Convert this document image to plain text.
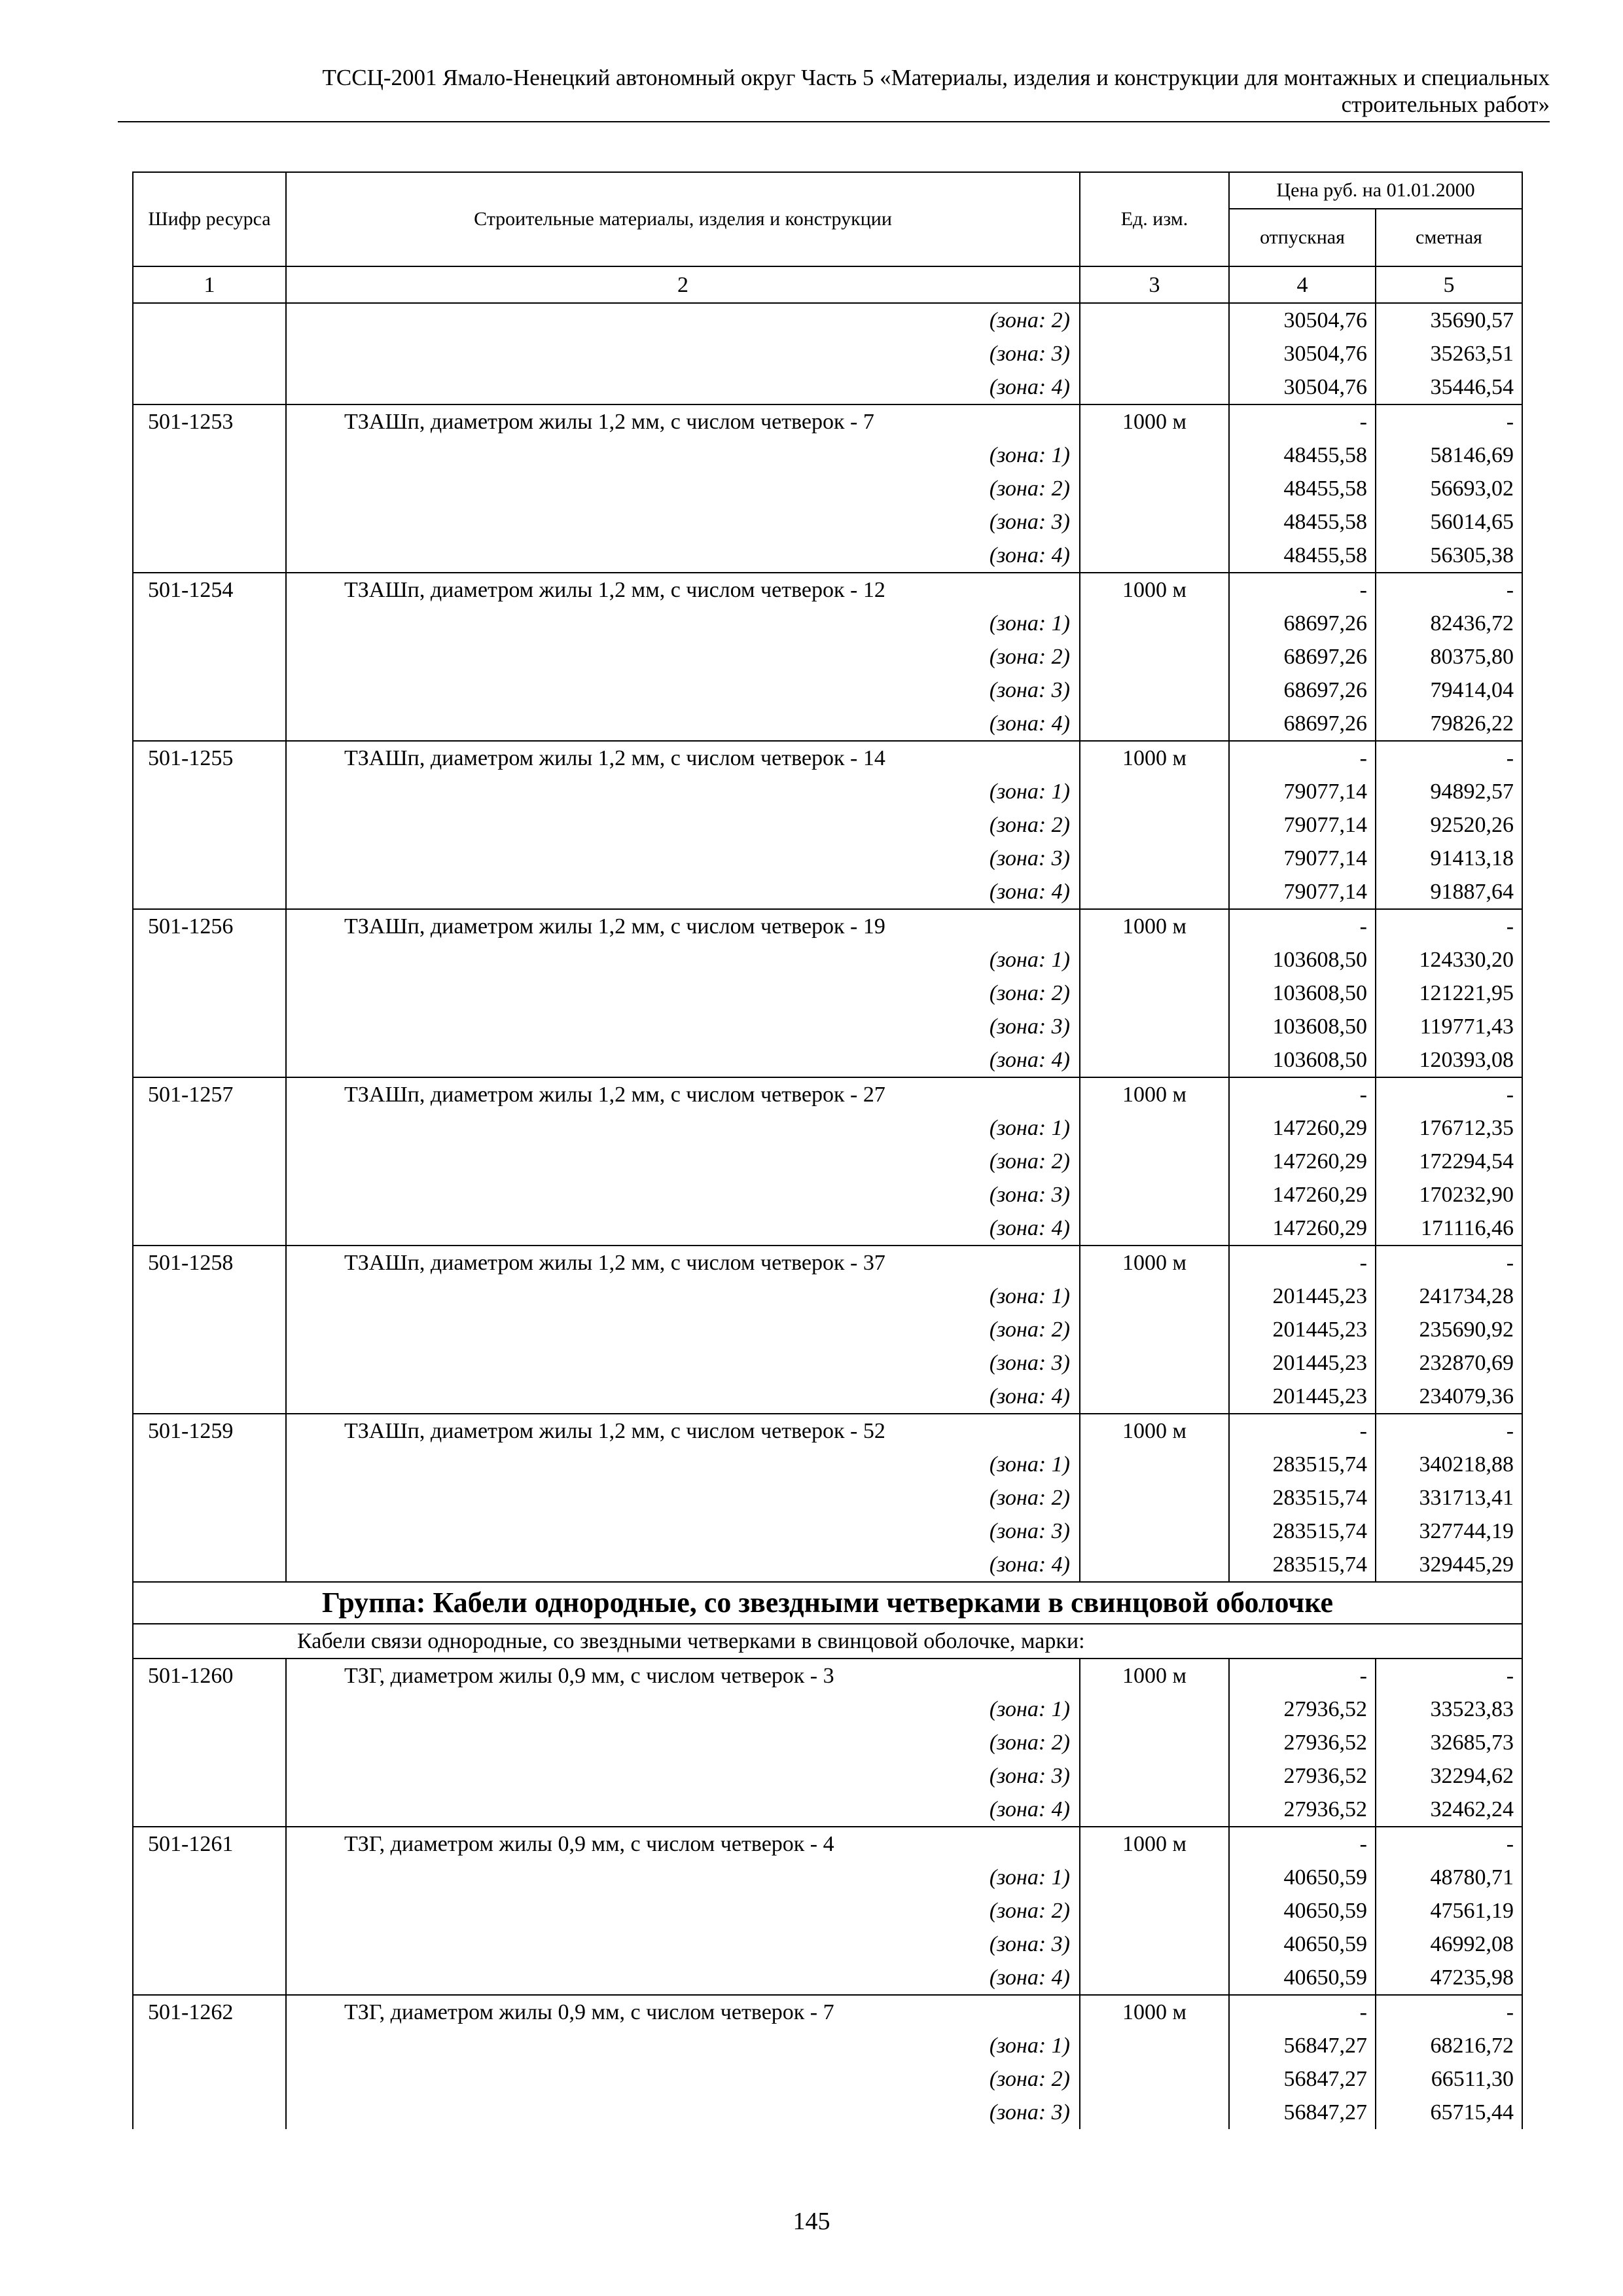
ТССЦ-2001 Ямало-Ненецкий автономный округ Часть 5 «Материалы, изделия и конструкции для монтажных и специальных
строительных работ»
Шифр ресурса	Строительные материалы, изделия и конструкции	Ед. изм.	Цена руб. на 01.01.2000	
			отпускная	сметная
1	2	3	4	5
	(зона: 2)		30504,76	35690,57
	(зона: 3)		30504,76	35263,51
	(зона: 4)		30504,76	35446,54
501-1253	ТЗАШп, диаметром жилы 1,2 мм, с числом четверок - 7	1000 м	-	-
	(зона: 1)		48455,58	58146,69
	(зона: 2)		48455,58	56693,02
	(зона: 3)		48455,58	56014,65
	(зона: 4)		48455,58	56305,38
501-1254	ТЗАШп, диаметром жилы 1,2 мм, с числом четверок - 12	1000 м	-	-
	(зона: 1)		68697,26	82436,72
	(зона: 2)		68697,26	80375,80
	(зона: 3)		68697,26	79414,04
	(зона: 4)		68697,26	79826,22
501-1255	ТЗАШп, диаметром жилы 1,2 мм, с числом четверок - 14	1000 м	-	-
	(зона: 1)		79077,14	94892,57
	(зона: 2)		79077,14	92520,26
	(зона: 3)		79077,14	91413,18
	(зона: 4)		79077,14	91887,64
501-1256	ТЗАШп, диаметром жилы 1,2 мм, с числом четверок - 19	1000 м	-	-
	(зона: 1)		103608,50	124330,20
	(зона: 2)		103608,50	121221,95
	(зона: 3)		103608,50	119771,43
	(зона: 4)		103608,50	120393,08
501-1257	ТЗАШп, диаметром жилы 1,2 мм, с числом четверок - 27	1000 м	-	-
	(зона: 1)		147260,29	176712,35
	(зона: 2)		147260,29	172294,54
	(зона: 3)		147260,29	170232,90
	(зона: 4)		147260,29	171116,46
501-1258	ТЗАШп, диаметром жилы 1,2 мм, с числом четверок - 37	1000 м	-	-
	(зона: 1)		201445,23	241734,28
	(зона: 2)		201445,23	235690,92
	(зона: 3)		201445,23	232870,69
	(зона: 4)		201445,23	234079,36
501-1259	ТЗАШп, диаметром жилы 1,2 мм, с числом четверок - 52	1000 м	-	-
	(зона: 1)		283515,74	340218,88
	(зона: 2)		283515,74	331713,41
	(зона: 3)		283515,74	327744,19
	(зона: 4)		283515,74	329445,29
Группа: Кабели однородные, со звездными четверками в свинцовой оболочке				
Кабели связи однородные, со звездными четверками в свинцовой оболочке, марки:				
501-1260	ТЗГ, диаметром жилы 0,9 мм, с числом четверок - 3	1000 м	-	-
	(зона: 1)		27936,52	33523,83
	(зона: 2)		27936,52	32685,73
	(зона: 3)		27936,52	32294,62
	(зона: 4)		27936,52	32462,24
501-1261	ТЗГ, диаметром жилы 0,9 мм, с числом четверок - 4	1000 м	-	-
	(зона: 1)		40650,59	48780,71
	(зона: 2)		40650,59	47561,19
	(зона: 3)		40650,59	46992,08
	(зона: 4)		40650,59	47235,98
501-1262	ТЗГ, диаметром жилы 0,9 мм, с числом четверок - 7	1000 м	-	-
	(зона: 1)		56847,27	68216,72
	(зона: 2)		56847,27	66511,30
	(зона: 3)		56847,27	65715,44
145
